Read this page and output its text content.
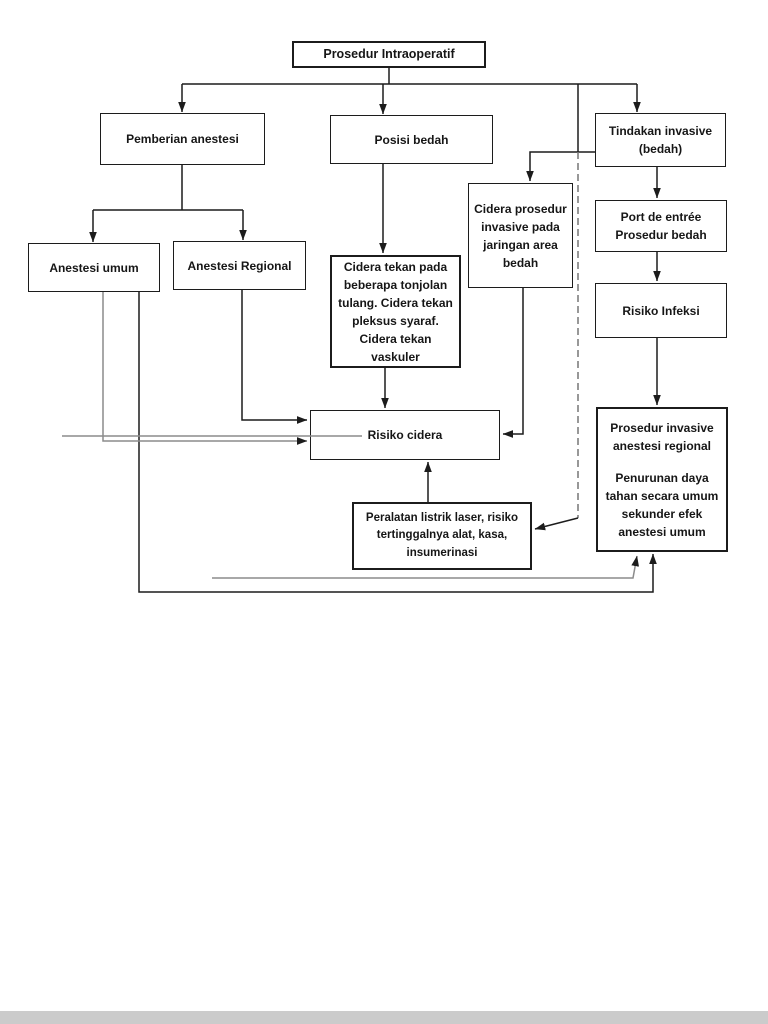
Prosedur Intraoperatif
Pemberian anestesi	Posisi bedah
Tindakan invasive (bedah)
Anestesi umum	Anestesi Regional	Cidera tekan pada beberapa tonjolan tulang. Cidera tekan pleksus syaraf. Cidera tekan vaskuler
Cidera prosedur invasive pada jaringan area bedah
Port de entrée Prosedur bedah
Risiko Infeksi
Risiko cidera
Prosedur invasive anestesi regional
Penurunan daya tahan secara umum sekunder efek anestesi umum
Peralatan listrik laser, risiko tertinggalnya alat, kasa, insumerinasi
